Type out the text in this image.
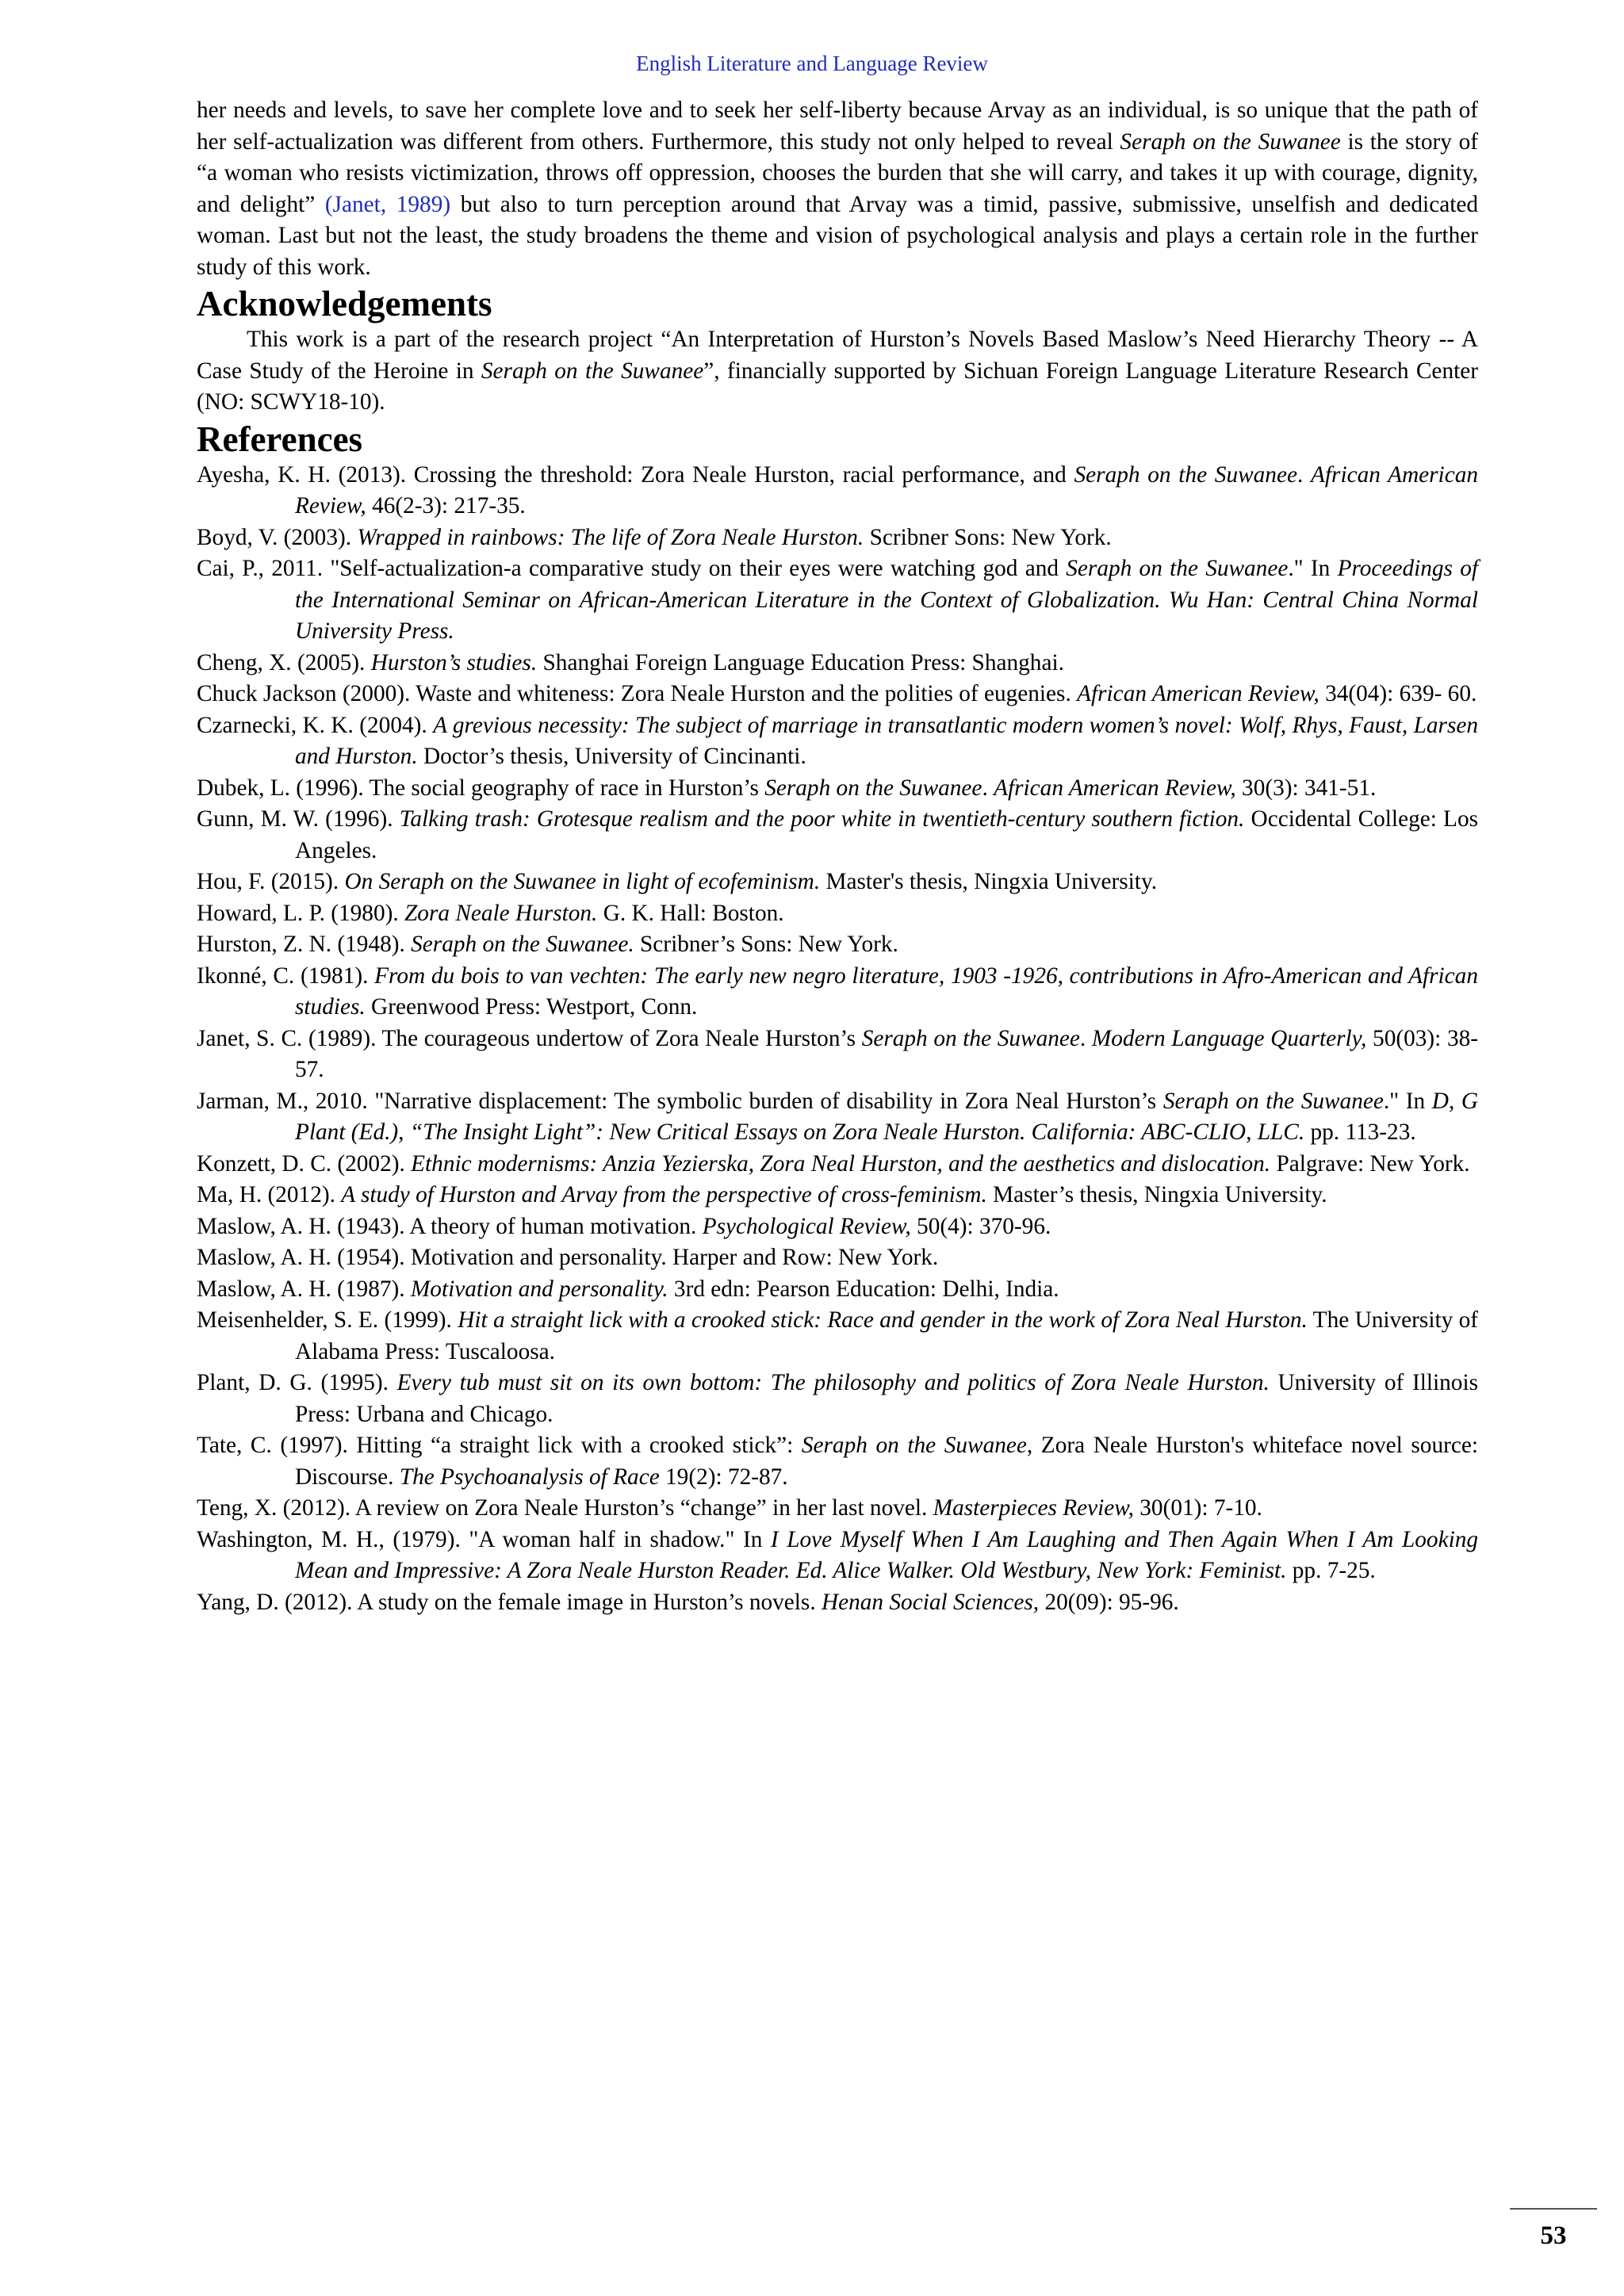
English Literature and Language Review

her needs and levels, to save her complete love and to seek her self-liberty because Arvay as an individual, is so unique that the path of her self-actualization was different from others. Furthermore, this study not only helped to reveal Seraph on the Suwanee is the story of “a woman who resists victimization, throws off oppression, chooses the burden that she will carry, and takes it up with courage, dignity, and delight” (Janet, 1989) but also to turn perception around that Arvay was a timid, passive, submissive, unselfish and dedicated woman. Last but not the least, the study broadens the theme and vision of psychological analysis and plays a certain role in the further study of this work.

Acknowledgements

This work is a part of the research project “An Interpretation of Hurston’s Novels Based Maslow’s Need Hierarchy Theory -- A Case Study of the Heroine in Seraph on the Suwanee”, financially supported by Sichuan Foreign Language Literature Research Center (NO: SCWY18-10).

References

Ayesha, K. H. (2013). Crossing the threshold: Zora Neale Hurston, racial performance, and Seraph on the Suwanee. African American Review, 46(2-3): 217-35.

Boyd, V. (2003). Wrapped in rainbows: The life of Zora Neale Hurston. Scribner Sons: New York.

Cai, P., 2011. "Self-actualization-a comparative study on their eyes were watching god and Seraph on the Suwanee." In Proceedings of the International Seminar on African-American Literature in the Context of Globalization. Wu Han: Central China Normal University Press.

Cheng, X. (2005). Hurston’s studies. Shanghai Foreign Language Education Press: Shanghai.

Chuck Jackson (2000). Waste and whiteness: Zora Neale Hurston and the polities of eugenies. African American Review, 34(04): 639- 60.

Czarnecki, K. K. (2004). A grevious necessity: The subject of marriage in transatlantic modern women’s novel: Wolf, Rhys, Faust, Larsen and Hurston. Doctor’s thesis, University of Cincinanti.

Dubek, L. (1996). The social geography of race in Hurston’s Seraph on the Suwanee. African American Review, 30(3): 341-51.

Gunn, M. W. (1996). Talking trash: Grotesque realism and the poor white in twentieth-century southern fiction. Occidental College: Los Angeles.

Hou, F. (2015). On Seraph on the Suwanee in light of ecofeminism. Master's thesis, Ningxia University.

Howard, L. P. (1980). Zora Neale Hurston. G. K. Hall: Boston.

Hurston, Z. N. (1948). Seraph on the Suwanee. Scribner’s Sons: New York.

Ikonné, C. (1981). From du bois to van vechten: The early new negro literature, 1903 -1926, contributions in Afro-American and African studies. Greenwood Press: Westport, Conn.

Janet, S. C. (1989). The courageous undertow of Zora Neale Hurston’s Seraph on the Suwanee. Modern Language Quarterly, 50(03): 38-57.

Jarman, M., 2010. "Narrative displacement: The symbolic burden of disability in Zora Neal Hurston’s Seraph on the Suwanee." In D, G Plant (Ed.), “The Insight Light”: New Critical Essays on Zora Neale Hurston. California: ABC-CLIO, LLC. pp. 113-23.

Konzett, D. C. (2002). Ethnic modernisms: Anzia Yezierska, Zora Neal Hurston, and the aesthetics and dislocation. Palgrave: New York.

Ma, H. (2012). A study of Hurston and Arvay from the perspective of cross-feminism. Master’s thesis, Ningxia University.

Maslow, A. H. (1943). A theory of human motivation. Psychological Review, 50(4): 370-96.

Maslow, A. H. (1954). Motivation and personality. Harper and Row: New York.

Maslow, A. H. (1987). Motivation and personality. 3rd edn: Pearson Education: Delhi, India.

Meisenhelder, S. E. (1999). Hit a straight lick with a crooked stick: Race and gender in the work of Zora Neal Hurston. The University of Alabama Press: Tuscaloosa.

Plant, D. G. (1995). Every tub must sit on its own bottom: The philosophy and politics of Zora Neale Hurston. University of Illinois Press: Urbana and Chicago.

Tate, C. (1997). Hitting “a straight lick with a crooked stick”: Seraph on the Suwanee, Zora Neale Hurston's whiteface novel source: Discourse. The Psychoanalysis of Race 19(2): 72-87.

Teng, X. (2012). A review on Zora Neale Hurston’s “change” in her last novel. Masterpieces Review, 30(01): 7-10.

Washington, M. H., (1979). "A woman half in shadow." In I Love Myself When I Am Laughing and Then Again When I Am Looking Mean and Impressive: A Zora Neale Hurston Reader. Ed. Alice Walker. Old Westbury, New York: Feminist. pp. 7-25.

Yang, D. (2012). A study on the female image in Hurston’s novels. Henan Social Sciences, 20(09): 95-96.

53
